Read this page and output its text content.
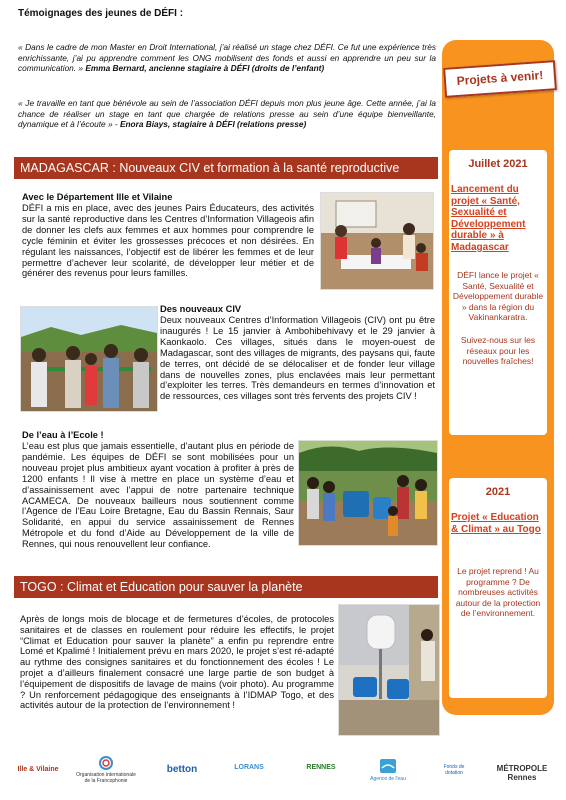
Témoignages des jeunes de DÉFI :
« Dans le cadre de mon Master en Droit International, j’ai réalisé un stage chez DÉFI. Ce fut une expérience très enrichissante, j’ai pu apprendre comment les ONG mobilisent des fonds et aussi en apprendre un peu sur la communication. » Emma Bernard, ancienne stagiaire à DÉFI (droits de l’enfant)
« Je travaille en tant que bénévole au sein de l’association DÉFI depuis mon plus jeune âge. Cette année, j’ai la chance de réaliser un stage en tant que chargée de relations presse au sein d’une équipe bienveillante, dynamique et à l’écoute » - Enora Biays, stagiaire à DÉFI (relations presse)
MADAGASCAR : Nouveaux CIV et formation à la santé reproductive
Avec le Département Ille et Vilaine
DÉFI a mis en place, avec des jeunes Pairs Éducateurs, des activités sur la santé reproductive dans les Centres d’Information Villageois afin de donner les clefs aux femmes et aux hommes pour comprendre le cycle féminin et éviter les grossesses précoces et non désirées. En régulant les naissances, l’objectif est de libérer les femmes et de leur permettre d’achever leur scolarité, de développer leur métier et de générer des revenus pour leurs familles.
Des nouveaux CIV
Deux nouveaux Centres d’Information Villageois (CIV) ont pu être inaugurés ! Le 15 janvier à Ambohibehivavy et le 29 janvier à Kaonkaolo. Ces villages, situés dans le moyen-ouest de Madagascar, sont des villages de migrants, des paysans qui, faute de terres, ont décidé de se délocaliser et de fonder leur village dans de nouvelles zones, plus enclavées mais leur permettant d’exploiter les terres. Très demandeurs en termes d’innovation et de ressources, ces villages sont très fervents des projets CIV !
De l’eau à l’Ecole !
L’eau est plus que jamais essentielle, d’autant plus en période de pandémie. Les équipes de DÉFI se sont mobilisées pour un nouveau projet plus ambitieux ayant vocation à profiter à près de 1200 enfants ! Il vise à mettre en place un système d’eau et d’assainissement avec l’appui de notre partenaire technique ACAMECA. De nouveaux bailleurs nous soutiennent comme l’Agence de l’Eau Loire Bretagne, Eau du Bassin Rennais, Saur Solidarité, en appui du service assainissement de Rennes Métropole et du fond d’Aide au Développement de la ville de Rennes, qui nous renouvellent leur confiance.
TOGO : Climat et Education pour sauver la planète
Après de longs mois de blocage et de fermetures d’écoles, de protocoles sanitaires et de classes en roulement pour réduire les effectifs, le projet “Climat et Education pour sauver la planète” a enfin pu reprendre entre Lomé et Kpalimé ! Initialement prévu en mars 2020, le projet s’est ré-adapté au rythme des consignes sanitaires et du fonctionnement des écoles ! Le projet a d’ailleurs finalement consacré une large partie de son budget à l’équipement de dispositifs de lavage de mains (voir photo). Au programme ? Un renforcement pédagogique des enseignants à l’IDMAP Togo, et des activités autour de la protection de l’environnement !
Juillet 2021
Lancement du projet « Santé, Sexualité et Développement durable » à Madagascar
DÉFI lance le projet « Santé, Sexualité et Développement durable » dans la région du Vakinankaratra.
Suivez-nous sur les réseaux pour les nouvelles fraîches!
2021
Projet « Education & Climat » au Togo
Le projet reprend ! Au programme ? De nombreuses activités autour de la protection de l’environnement.
Projets à venir!
Ille & Vilaine
Organisation internationale de la Francophonie
betton	LORANS	RENNES
Agence de l'eau
Fonds de dotation	MÉTROPOLE Rennes
